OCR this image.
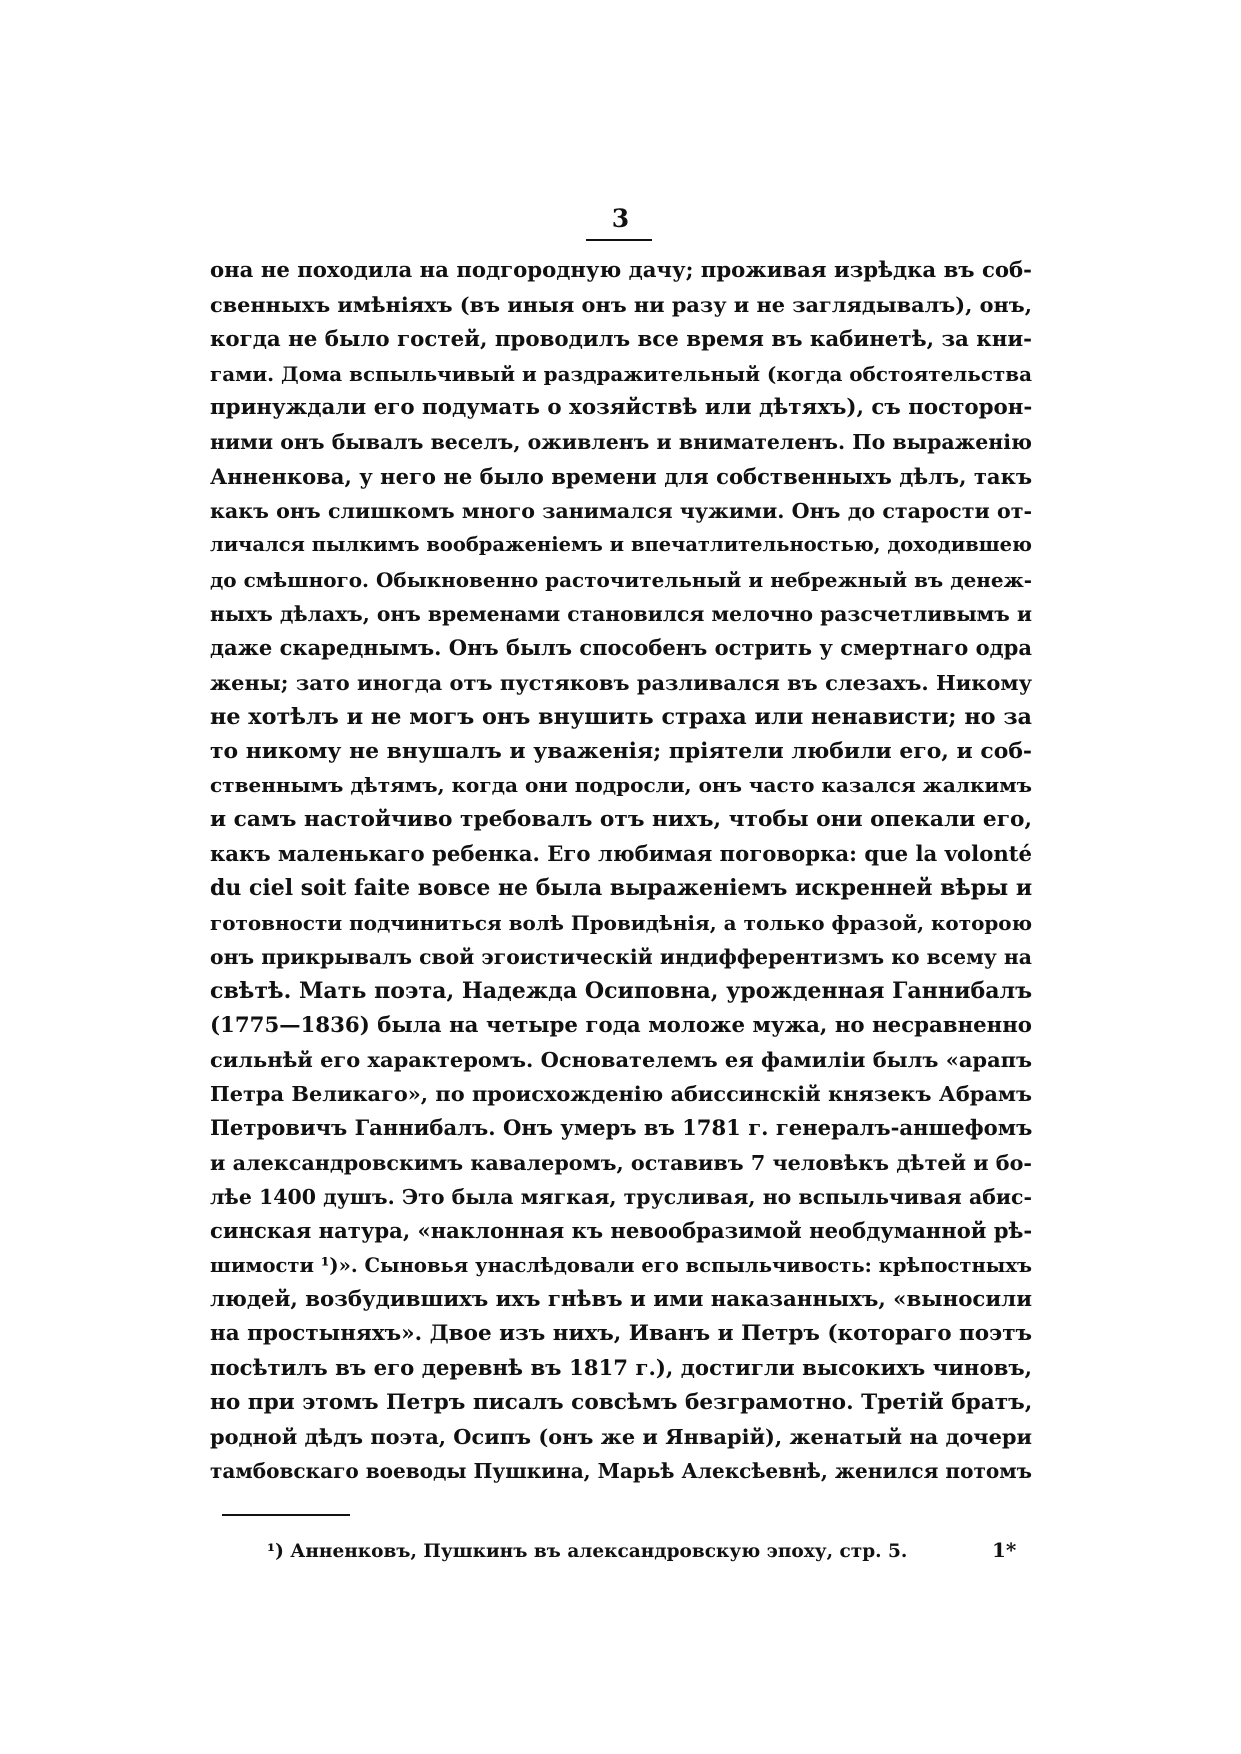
3
она не походила на подгородную дачу; проживая изрѣдка въ соб-
свенныхъ имѣнiяхъ (въ иныя онъ ни разу и не заглядывалъ), онъ,
когда не было гостей, проводилъ все время въ кабинетѣ, за кни-
гами. Дома вспыльчивый и раздражительный (когда обстоятельства
принуждали его подумать о хозяйствѣ или дѣтяхъ), съ посторон-
ними онъ бывалъ веселъ, оживленъ и внимателенъ. По выраженiю
Анненкова, у него не было времени для собственныхъ дѣлъ, такъ
какъ онъ слишкомъ много занимался чужими. Онъ до старости от-
личался пылкимъ воображенiемъ и впечатлительностью, доходившею
до смѣшного. Обыкновенно расточительный и небрежный въ денеж-
ныхъ дѣлахъ, онъ временами становился мелочно разсчетливымъ и
даже скареднымъ. Онъ былъ способенъ острить у смертнаго одра
жены; зато иногда отъ пустяковъ разливался въ слезахъ. Никому
не хотѣлъ и не могъ онъ внушить страха или ненависти; но за
то никому не внушалъ и уваженiя; прiятели любили его, и соб-
ственнымъ дѣтямъ, когда они подросли, онъ часто казался жалкимъ
и самъ настойчиво требовалъ отъ нихъ, чтобы они опекали его,
какъ маленькаго ребенка. Его любимая поговорка: que la volonté
du ciel soit faite вовсе не была выраженiемъ искренней вѣры и
готовности подчиниться волѣ Провидѣнiя, а только фразой, которою
онъ прикрывалъ свой эгоистическiй индифферентизмъ ко всему на
свѣтѣ. Мать поэта, Надежда Осиповна, урожденная Ганнибалъ
(1775—1836) была на четыре года моложе мужа, но несравненно
сильнѣй его характеромъ. Основателемъ ея фамилiи былъ «арапъ
Петра Великаго», по происхожденiю абиссинскiй князекъ Абрамъ
Петровичъ Ганнибалъ. Онъ умеръ въ 1781 г. генералъ-аншефомъ
и александровскимъ кавалеромъ, оставивъ 7 человѣкъ дѣтей и бо-
лѣе 1400 душъ. Это была мягкая, трусливая, но вспыльчивая абис-
синская натура, «наклонная къ невообразимой необдуманной рѣ-
шимости ¹)». Сыновья унаслѣдовали его вспыльчивость: крѣпостныхъ
людей, возбудившихъ ихъ гнѣвъ и ими наказанныхъ, «выносили
на простыняхъ». Двое изъ нихъ, Иванъ и Петръ (котораго поэтъ
посѣтилъ въ его деревнѣ въ 1817 г.), достигли высокихъ чиновъ,
но при этомъ Петръ писалъ совсѣмъ безграмотно. Третiй братъ,
родной дѣдъ поэта, Осипъ (онъ же и Январiй), женатый на дочери
тамбовскаго воеводы Пушкина, Марьѣ Алексѣевнѣ, женился потомъ
¹) Анненковъ, Пушкинъ въ александровскую эпоху, стр. 5.	1*
